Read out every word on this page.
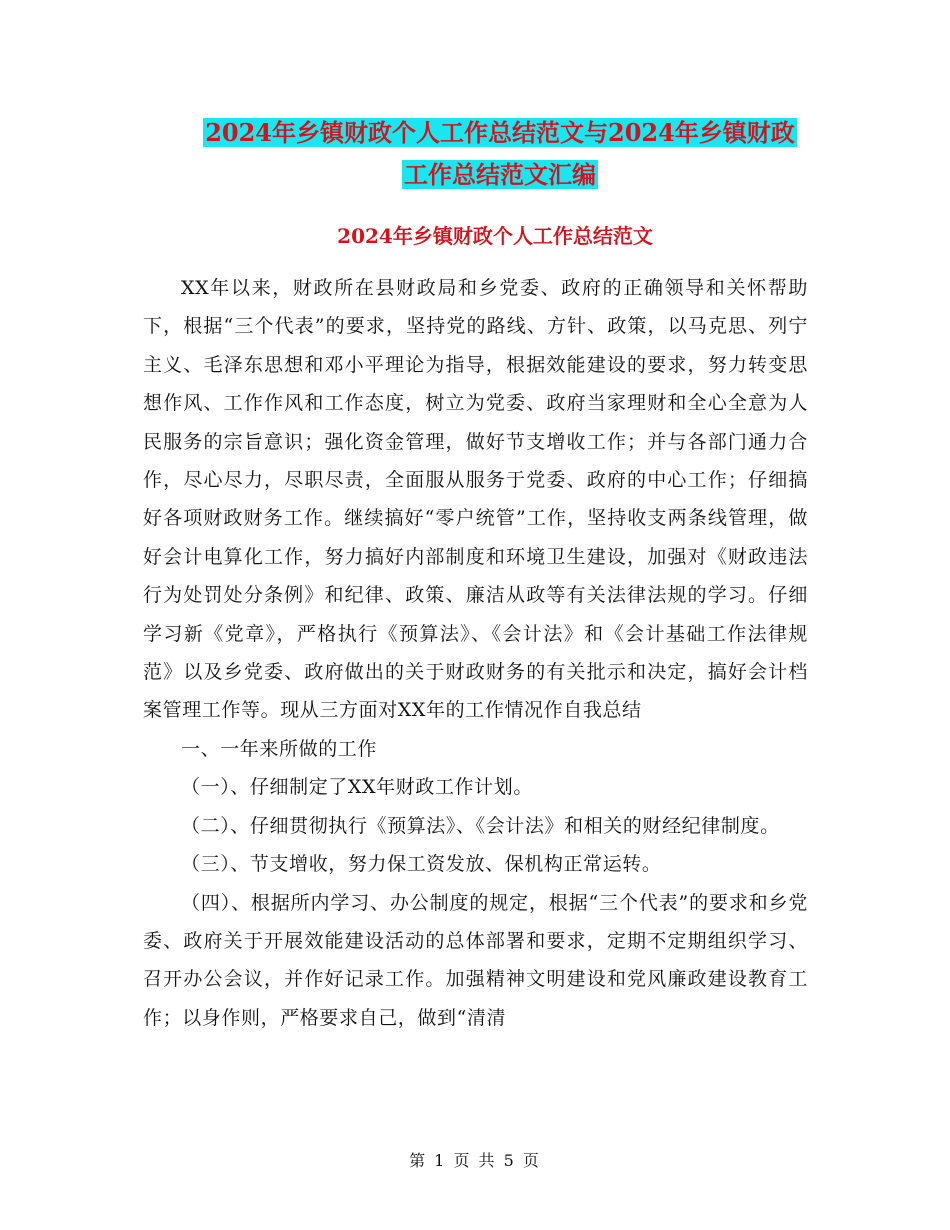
2024年乡镇财政个人工作总结范文与2024年乡镇财政
工作总结范文汇编
2024年乡镇财政个人工作总结范文

XX年以来，财政所在县财政局和乡党委、政府的正确领导和关怀帮助下，根据“三个代表”的要求，坚持党的路线、方针、政策，以马克思、列宁主义、毛泽东思想和邓小平理论为指导，根据效能建设的要求，努力转变思想作风、工作作风和工作态度，树立为党委、政府当家理财和全心全意为人民服务的宗旨意识；强化资金管理，做好节支增收工作；并与各部门通力合作，尽心尽力，尽职尽责，全面服从服务于党委、政府的中心工作；仔细搞好各项财政财务工作。继续搞好“零户统管”工作，坚持收支两条线管理，做好会计电算化工作，努力搞好内部制度和环境卫生建设，加强对《财政违法行为处罚处分条例》和纪律、政策、廉洁从政等有关法律法规的学习。仔细学习新《党章》，严格执行《预算法》、《会计法》和《会计基础工作法律规范》以及乡党委、政府做出的关于财政财务的有关批示和决定，搞好会计档案管理工作等。现从三方面对XX年的工作情况作自我总结

一、一年来所做的工作

（一）、仔细制定了XX年财政工作计划。

（二）、仔细贯彻执行《预算法》、《会计法》和相关的财经纪律制度。

（三）、节支增收，努力保工资发放、保机构正常运转。

（四）、根据所内学习、办公制度的规定，根据“三个代表”的要求和乡党委、政府关于开展效能建设活动的总体部署和要求，定期不定期组织学习、召开办公会议，并作好记录工作。加强精神文明建设和党风廉政建设教育工作；以身作则，严格要求自己，做到“清清

第 1 页 共 5 页
